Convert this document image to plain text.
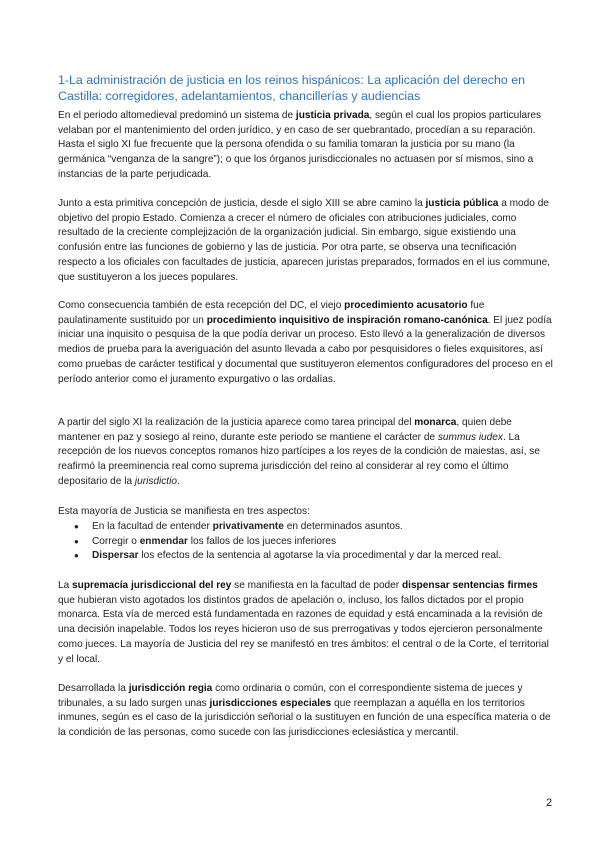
1-La administración de justicia en los reinos hispánicos: La aplicación del derecho en Castilla: corregidores, adelantamientos, chancillerías y audiencias

En el periodo altomedieval predominó un sistema de justicia privada, según el cual los propios particulares velaban por el mantenimiento del orden jurídico, y en caso de ser quebrantado, procedían a su reparación. Hasta el siglo XI fue frecuente que la persona ofendida o su familia tomaran la justicia por su mano (la germánica “venganza de la sangre”); o que los órganos jurisdiccionales no actuasen por sí mismos, sino a instancias de la parte perjudicada.

Junto a esta primitiva concepción de justicia, desde el siglo XIII se abre camino la justicia pública a modo de objetivo del propio Estado. Comienza a crecer el número de oficiales con atribuciones judiciales, como resultado de la creciente complejización de la organización judicial. Sin embargo, sigue existiendo una confusión entre las funciones de gobierno y las de justicia. Por otra parte, se observa una tecnificación respecto a los oficiales con facultades de justicia, aparecen juristas preparados, formados en el ius commune, que sustituyeron a los jueces populares.

Como consecuencia también de esta recepción del DC, el viejo procedimiento acusatorio fue paulatinamente sustituido por un procedimiento inquisitivo de inspiración romano-canónica. El juez podía iniciar una inquisito o pesquisa de la que podía derivar un proceso. Esto llevó a la generalización de diversos medios de prueba para la averiguación del asunto llevada a cabo por pesquisidores o fieles exquisitores, así como pruebas de carácter testifical y documental que sustituyeron elementos configuradores del proceso en el período anterior como el juramento expurgativo o las ordalías.

A partir del siglo XI la realización de la justicia aparece como tarea principal del monarca, quien debe mantener en paz y sosiego al reino, durante este periodo se mantiene el carácter de summus iudex. La recepción de los nuevos conceptos romanos hizo partícipes a los reyes de la condición de maiestas, así, se reafirmó la preeminencia real como suprema jurisdicción del reino al considerar al rey como el último depositario de la jurisdictio.

Esta mayoría de Justicia se manifiesta en tres aspectos:

● En la facultad de entender privativamente en determinados asuntos.
● Corregir o enmendar los fallos de los jueces inferiores
● Dispersar los efectos de la sentencia al agotarse la vía procedimental y dar la merced real.

La supremacía jurisdiccional del rey se manifiesta en la facultad de poder dispensar sentencias firmes que hubieran visto agotados los distintos grados de apelación o, incluso, los fallos dictados por el propio monarca. Esta vía de merced está fundamentada en razones de equidad y está encaminada a la revisión de una decisión inapelable. Todos los reyes hicieron uso de sus prerrogativas y todos ejercieron personalmente como jueces. La mayoría de Justicia del rey se manifestó en tres ámbitos: el central o de la Corte, el territorial y el local.

Desarrollada la jurisdicción regia como ordinaria o común, con el correspondiente sistema de jueces y tribunales, a su lado surgen unas jurisdicciones especiales que reemplazan a aquélla en los territorios inmunes, según es el caso de la jurisdicción señorial o la sustituyen en función de una específica materia o de la condición de las personas, como sucede con las jurisdicciones eclesiástica y mercantil.

2
